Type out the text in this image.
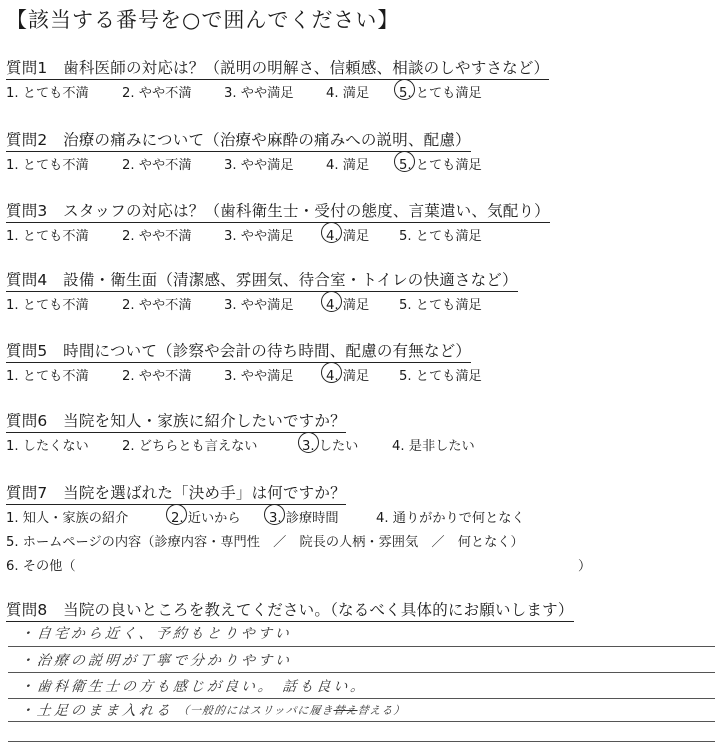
【該当する番号を○で囲んでください】
質問1　歯科医師の対応は？（説明の明解さ、信頼感、相談のしやすさなど）
1. とても不満	2. やや不満 3. やや満足 4. 満足 5. とても満足
質問2　治療の痛みについて（治療や麻酔の痛みへの説明、配慮）
1. とても不満	2. やや不満 3. やや満足 4. 満足 5. とても満足
質問3　スタッフの対応は？（歯科衛生士・受付の態度、言葉遣い、気配り）
1. とても不満	2. やや不満 3. やや満足 4. 満足 5. とても満足
質問4　設備・衛生面（清潔感、雰囲気、待合室・トイレの快適さなど）
1. とても不満	2. やや不満 3. やや満足 4. 満足 5. とても満足
質問5　時間について（診察や会計の待ち時間、配慮の有無など）
1. とても不満	2. やや不満 3. やや満足 4. 満足 5. とても満足
質問6　当院を知人・家族に紹介したいですか？
1. したくない	2. どちらとも言えない	3. したい	4. 是非したい
質問7　当院を選ばれた「決め手」は何ですか？
1. 知人・家族の紹介	2. 近いから 3. 診療時間	4. 通りがかりで何となく
5. ホームページの内容（診療内容・専門性　／　院長の人柄・雰囲気　／　何となく）
6. その他（	）
質問8　当院の良いところを教えてください。（なるべく具体的にお願いします）
・自宅から近く、予約もとりやすい
・治療の説明が丁寧で分かりやすい
・歯科衛生士の方も感じが良い。 話も良い。
・土足のまま入れる （一般的にはスリッパに履き替え替える）
